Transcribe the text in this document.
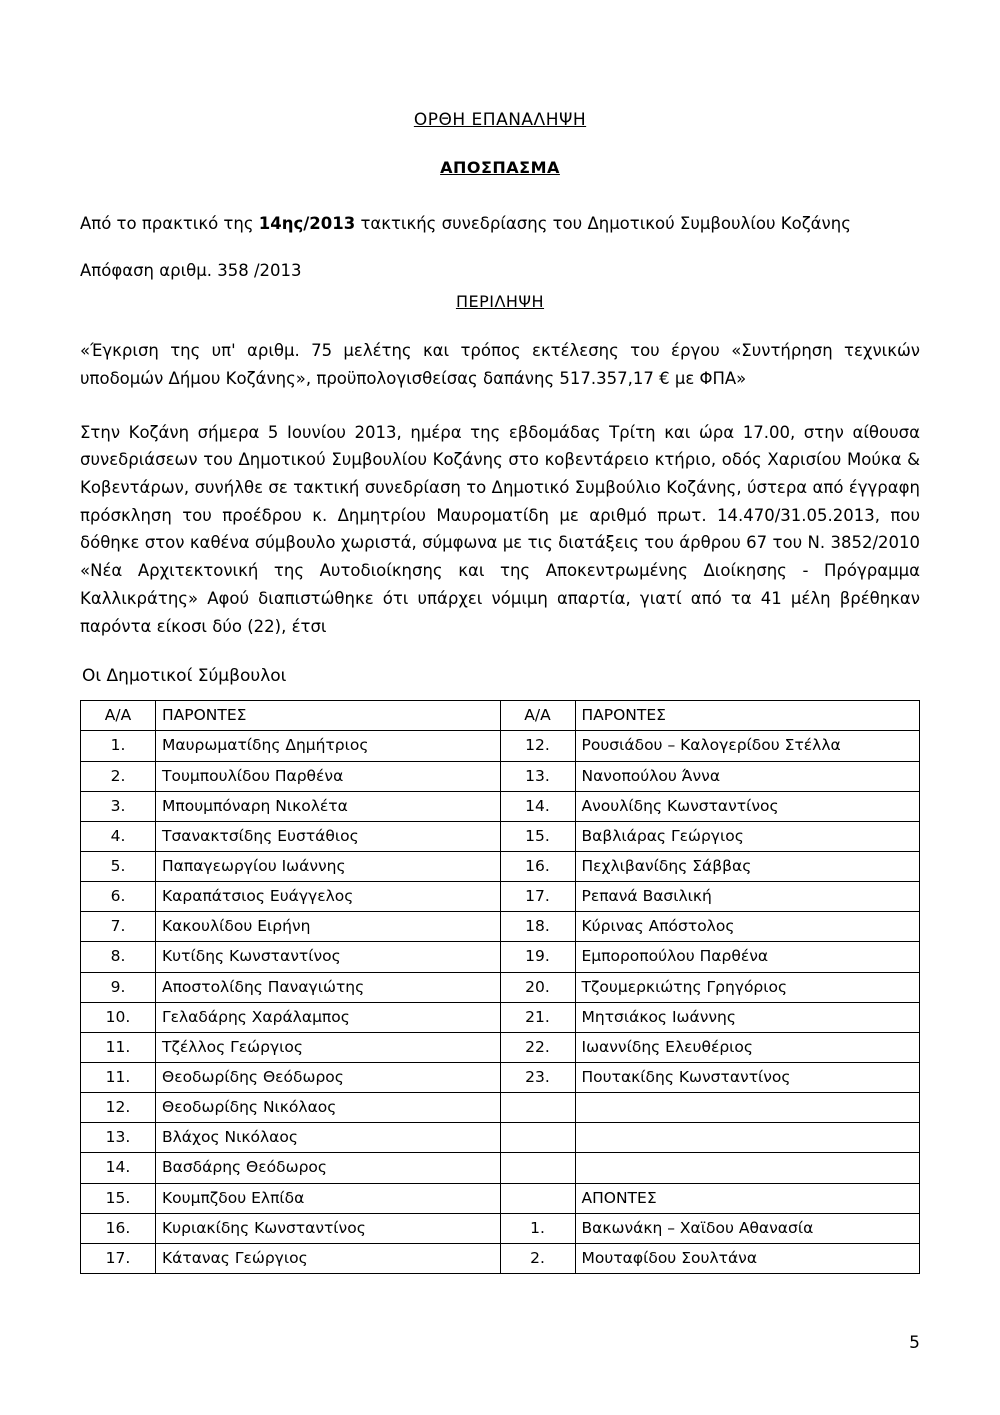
ΟΡΘΗ ΕΠΑΝΑΛΗΨΗ
ΑΠΟΣΠΑΣΜΑ
Από το πρακτικό της 14ης/2013 τακτικής συνεδρίασης του Δημοτικού Συμβουλίου Κοζάνης
Απόφαση αριθμ. 358 /2013
ΠΕΡΙΛΗΨΗ
«Έγκριση της υπ' αριθμ. 75 μελέτης και τρόπος εκτέλεσης του έργου «Συντήρηση τεχνικών υποδομών Δήμου Κοζάνης», προϋπολογισθείσας δαπάνης 517.357,17 € με ΦΠΑ»
Στην Κοζάνη σήμερα 5 Ιουνίου 2013, ημέρα της εβδομάδας Τρίτη και ώρα 17.00, στην αίθουσα συνεδριάσεων του Δημοτικού Συμβουλίου Κοζάνης στο κοβεντάρειο κτήριο, οδός Χαρισίου Μούκα & Κοβεντάρων, συνήλθε σε τακτική συνεδρίαση το Δημοτικό Συμβούλιο Κοζάνης, ύστερα από έγγραφη πρόσκληση του προέδρου κ. Δημητρίου Μαυροματίδη με αριθμό πρωτ. 14.470/31.05.2013, που δόθηκε στον καθένα σύμβουλο χωριστά, σύμφωνα με τις διατάξεις του άρθρου 67 του Ν. 3852/2010 «Νέα Αρχιτεκτονική της Αυτοδιοίκησης και της Αποκεντρωμένης Διοίκησης - Πρόγραμμα Καλλικράτης» Αφού διαπιστώθηκε ότι υπάρχει νόμιμη απαρτία, γιατί από τα 41 μέλη βρέθηκαν παρόντα είκοσι δύο (22), έτσι
Οι Δημοτικοί Σύμβουλοι
Α/Α	ΠΑΡΟΝΤΕΣ	Α/Α	ΠΑΡΟΝΤΕΣ
1.	Μαυρωματίδης Δημήτριος	12.	Ρουσιάδου – Καλογερίδου Στέλλα
2.	Τουμπουλίδου Παρθένα	13.	Νανοπούλου Άννα
3.	Μπουμπόναρη Νικολέτα	14.	Ανουλίδης Κωνσταντίνος
4.	Τσανακτσίδης Ευστάθιος	15.	Βαβλιάρας Γεώργιος
5.	Παπαγεωργίου Ιωάννης	16.	Πεχλιβανίδης Σάββας
6.	Καραπάτσιος Ευάγγελος	17.	Ρεπανά Βασιλική
7.	Κακουλίδου Ειρήνη	18.	Κύρινας Απόστολος
8.	Κυτίδης Κωνσταντίνος	19.	Εμποροπούλου Παρθένα
9.	Αποστολίδης Παναγιώτης	20.	Τζουμερκιώτης Γρηγόριος
10.	Γελαδάρης Χαράλαμπος	21.	Μητσιάκος Ιωάννης
11.	Τζέλλος Γεώργιος	22.	Ιωαννίδης Ελευθέριος
11.	Θεοδωρίδης Θεόδωρος	23.	Πουτακίδης Κωνσταντίνος
12.	Θεοδωρίδης Νικόλαος		
13.	Βλάχος Νικόλαος		
14.	Βασδάρης Θεόδωρος		
15.	Κουμπζδου Ελπίδα		ΑΠΟΝΤΕΣ
16.	Κυριακίδης Κωνσταντίνος	1.	Βακωνάκη – Χαϊδου Αθανασία
17.	Κάτανας Γεώργιος	2.	Μουταφίδου Σουλτάνα
5
